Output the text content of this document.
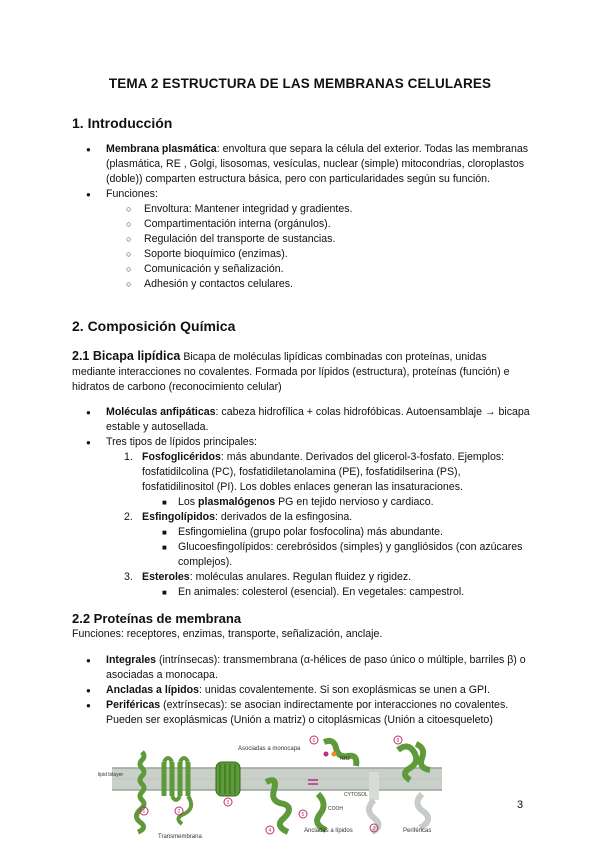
TEMA 2 ESTRUCTURA DE LAS MEMBRANAS CELULARES
1. Introducción
● Membrana plasmática: envoltura que separa la célula del exterior. Todas las membranas (plasmática, RE , Golgi, lisosomas, vesículas, nuclear (simple) mitocondrias, cloroplastos (doble)) comparten estructura básica, pero con particularidades según su función.
● Funciones:
○ Envoltura: Mantener integridad y gradientes.
○ Compartimentación interna (orgánulos).
○ Regulación del transporte de sustancias.
○ Soporte bioquímico (enzimas).
○ Comunicación y señalización.
○ Adhesión y contactos celulares.
2. Composición Química
2.1 Bicapa lipídica Bicapa de moléculas lipídicas combinadas con proteínas, unidas mediante interacciones no covalentes. Formada por lípidos (estructura), proteínas (función) e hidratos de carbono (reconocimiento celular)
● Moléculas anfipáticas: cabeza hidrofílica + colas hidrofóbicas. Autoensamblaje → bicapa estable y autosellada.
● Tres tipos de lípidos principales:
1. Fosfoglicéridos: más abundante. Derivados del glicerol-3-fosfato. Ejemplos: fosfatidilcolina (PC), fosfatidiletanolamina (PE), fosfatidilserina (PS), fosfatidilinositol (PI). Los dobles enlaces generan las insaturaciones.
■ Los plasmalógenos PG en tejido nervioso y cardiaco.
2. Esfingolípidos: derivados de la esfingosina.
■ Esfingomielina (grupo polar fosfocolina) más abundante.
■ Glucoesfingolípidos: cerebrósidos (simples) y gangliósidos (con azúcares complejos).
3. Esteroles: moléculas anulares. Regulan fluidez y rigidez.
■ En animales: colesterol (esencial). En vegetales: campestrol.
2.2 Proteínas de membrana
Funciones: receptores, enzimas, transporte, señalización, anclaje.
● Integrales (intrínsecas): transmembrana (α-hélices de paso único o múltiple, barriles β) o asociadas a monocapa.
● Ancladas a lípidos: unidas covalentemente. Si son exoplásmicas se unen a GPI.
● Periféricas (extrínsecas): se asocian indirectamente por interacciones no covalentes. Pueden ser exoplásmicas (Unión a matriz) o citoplásmicas (Unión a citoesqueleto)
lipid bilayer
Asociadas a monocapa
NH2
CYTOSOL
COOH
1	2
3
4
5
6
7
8
Transmembrana
Ancladas a lípidos	Periféricas
3
